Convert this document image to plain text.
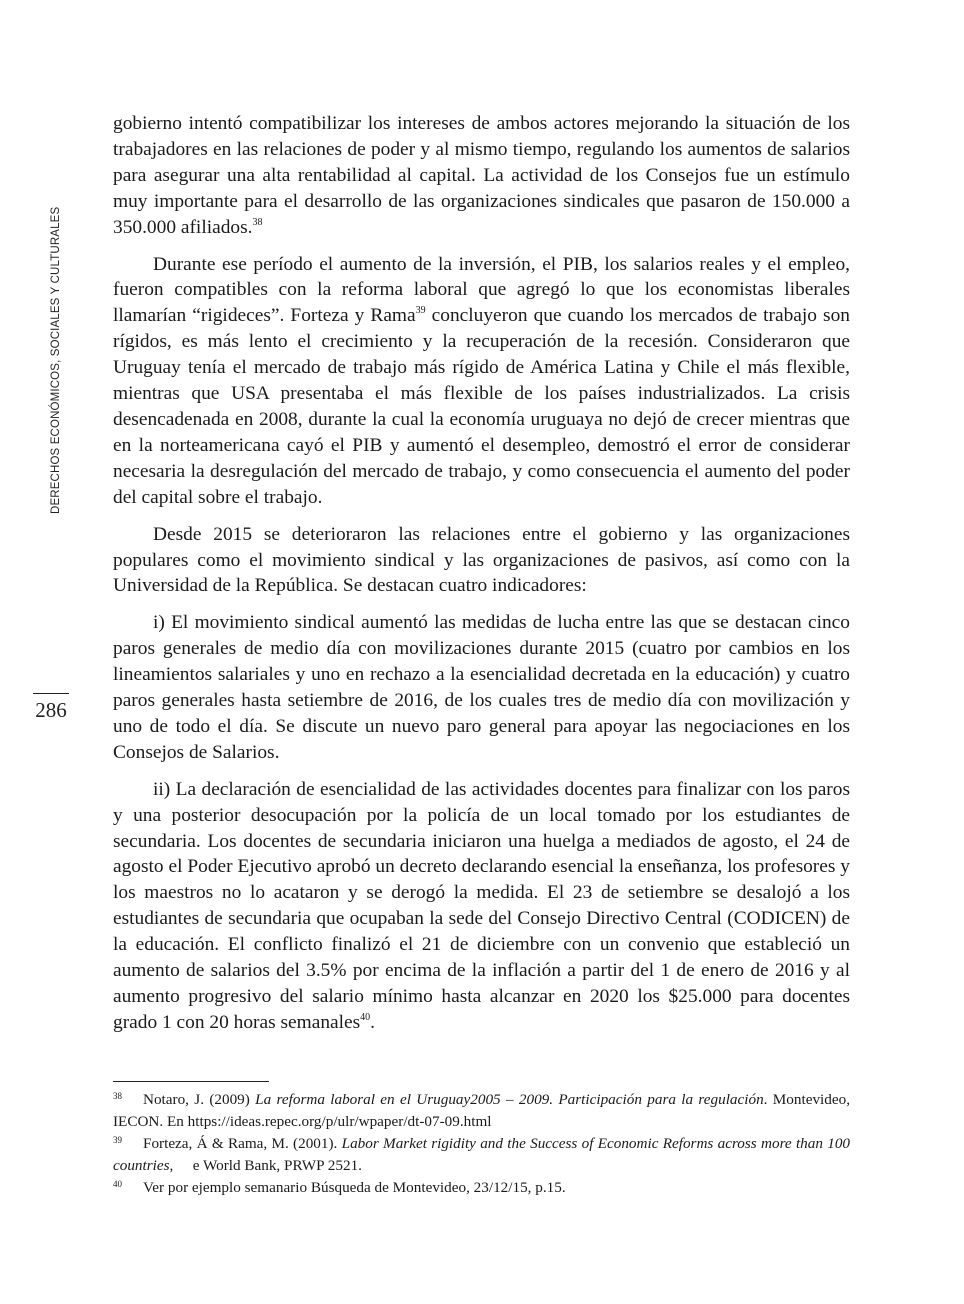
DERECHOS ECONÓMICOS, SOCIALES Y CULTURALES
286

gobierno intentó compatibilizar los intereses de ambos actores mejorando la situación de los trabajadores en las relaciones de poder y al mismo tiempo, regulando los aumentos de salarios para asegurar una alta rentabilidad al capital. La actividad de los Consejos fue un estímulo muy importante para el desarrollo de las organizaciones sindicales que pasaron de 150.000 a 350.000 afiliados.$^{38}$

Durante ese período el aumento de la inversión, el PIB, los salarios reales y el empleo, fueron compatibles con la reforma laboral que agregó lo que los economistas liberales llamarían “rigideces”. Forteza y Rama$^{39}$ concluyeron que cuando los mercados de trabajo son rígidos, es más lento el crecimiento y la recuperación de la recesión. Consideraron que Uruguay tenía el mercado de trabajo más rígido de América Latina y Chile el más flexible, mientras que USA presentaba el más flexible de los países industrializados. La crisis desencadenada en 2008, durante la cual la economía uruguaya no dejó de crecer mientras que en la norteamericana cayó el PIB y aumentó el desempleo, demostró el error de considerar necesaria la desregulación del mercado de trabajo, y como consecuencia el aumento del poder del capital sobre el trabajo.

Desde 2015 se deterioraron las relaciones entre el gobierno y las organizaciones populares como el movimiento sindical y las organizaciones de pasivos, así como con la Universidad de la República. Se destacan cuatro indicadores:

i) El movimiento sindical aumentó las medidas de lucha entre las que se destacan cinco paros generales de medio día con movilizaciones durante 2015 (cuatro por cambios en los lineamientos salariales y uno en rechazo a la esencialidad decretada en la educación) y cuatro paros generales hasta setiembre de 2016, de los cuales tres de medio día con movilización y uno de todo el día. Se discute un nuevo paro general para apoyar las negociaciones en los Consejos de Salarios.

ii) La declaración de esencialidad de las actividades docentes para finalizar con los paros y una posterior desocupación por la policía de un local tomado por los estudiantes de secundaria. Los docentes de secundaria iniciaron una huelga a mediados de agosto, el 24 de agosto el Poder Ejecutivo aprobó un decreto declarando esencial la enseñanza, los profesores y los maestros no lo acataron y se derogó la medida. El 23 de setiembre se desalojó a los estudiantes de secundaria que ocupaban la sede del Consejo Directivo Central (CODICEN) de la educación. El conflicto finalizó el 21 de diciembre con un convenio que estableció un aumento de salarios del 3.5% por encima de la inflación a partir del 1 de enero de 2016 y al aumento progresivo del salario mínimo hasta alcanzar en 2020 los $25.000 para docentes grado 1 con 20 horas semanales$^{40}$.

38 Notaro, J. (2009) La reforma laboral en el Uruguay2005 – 2009. Participación para la regulación. Montevideo, IECON. En https://ideas.repec.org/p/ulr/wpaper/dt-07-09.html

39 Forteza, Á & Rama, M. (2001). Labor Market rigidity and the Success of Economic Reforms across more than 100 countries,   e World Bank, PRWP 2521.

40 Ver por ejemplo semanario Búsqueda de Montevideo, 23/12/15, p.15.
